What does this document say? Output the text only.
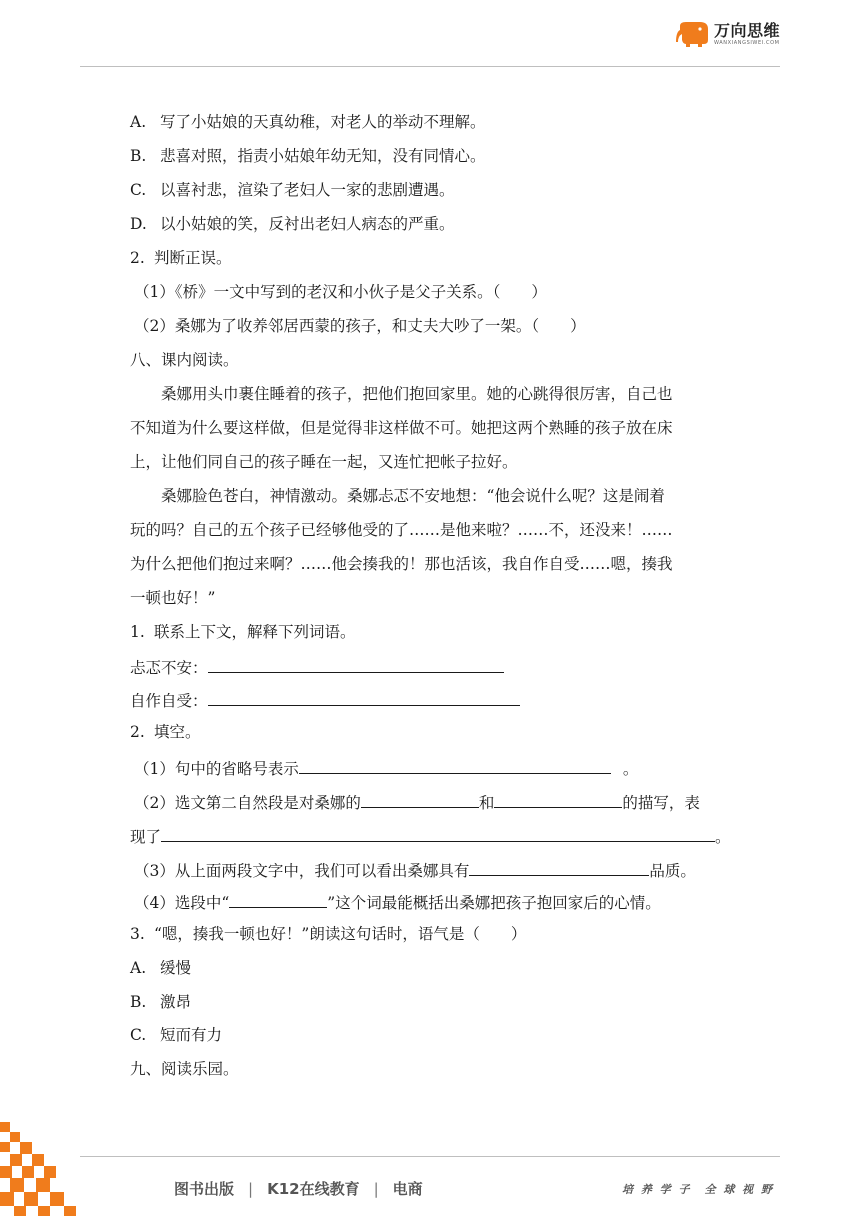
万向思维
WANXIANGSIWEI.COM
A. 写了小姑娘的天真幼稚，对老人的举动不理解。
B. 悲喜对照，指责小姑娘年幼无知，没有同情心。
C. 以喜衬悲，渲染了老妇人一家的悲剧遭遇。
D. 以小姑娘的笑，反衬出老妇人病态的严重。
2. 判断正误。
（1）《桥》一文中写到的老汉和小伙子是父子关系。（　　）
（2）桑娜为了收养邻居西蒙的孩子，和丈夫大吵了一架。（　　）
八、课内阅读。
　　桑娜用头巾裹住睡着的孩子，把他们抱回家里。她的心跳得很厉害，自己也
不知道为什么要这样做，但是觉得非这样做不可。她把这两个熟睡的孩子放在床
上，让他们同自己的孩子睡在一起，又连忙把帐子拉好。
　　桑娜脸色苍白，神情激动。桑娜忐忑不安地想：“他会说什么呢？这是闹着
玩的吗？自己的五个孩子已经够他受的了……是他来啦？……不，还没来！……
为什么把他们抱过来啊？……他会揍我的！那也活该，我自作自受……嗯，揍我
一顿也好！”
1. 联系上下文，解释下列词语。
忐忑不安：
自作自受：
2. 填空。
（1）句中的省略号表示	。
（2）选文第二自然段是对桑娜的	和	的描写，表
现了	。
（3）从上面两段文字中，我们可以看出桑娜具有	品质。
（4）选段中“	”这个词最能概括出桑娜把孩子抱回家后的心情。
3. “嗯，揍我一顿也好！”朗读这句话时，语气是（　　）
A. 缓慢
B. 激昂
C. 短而有力
九、阅读乐园。
图书出版 | K12在线教育 | 电商	培 养 学 子　全 球 视 野
